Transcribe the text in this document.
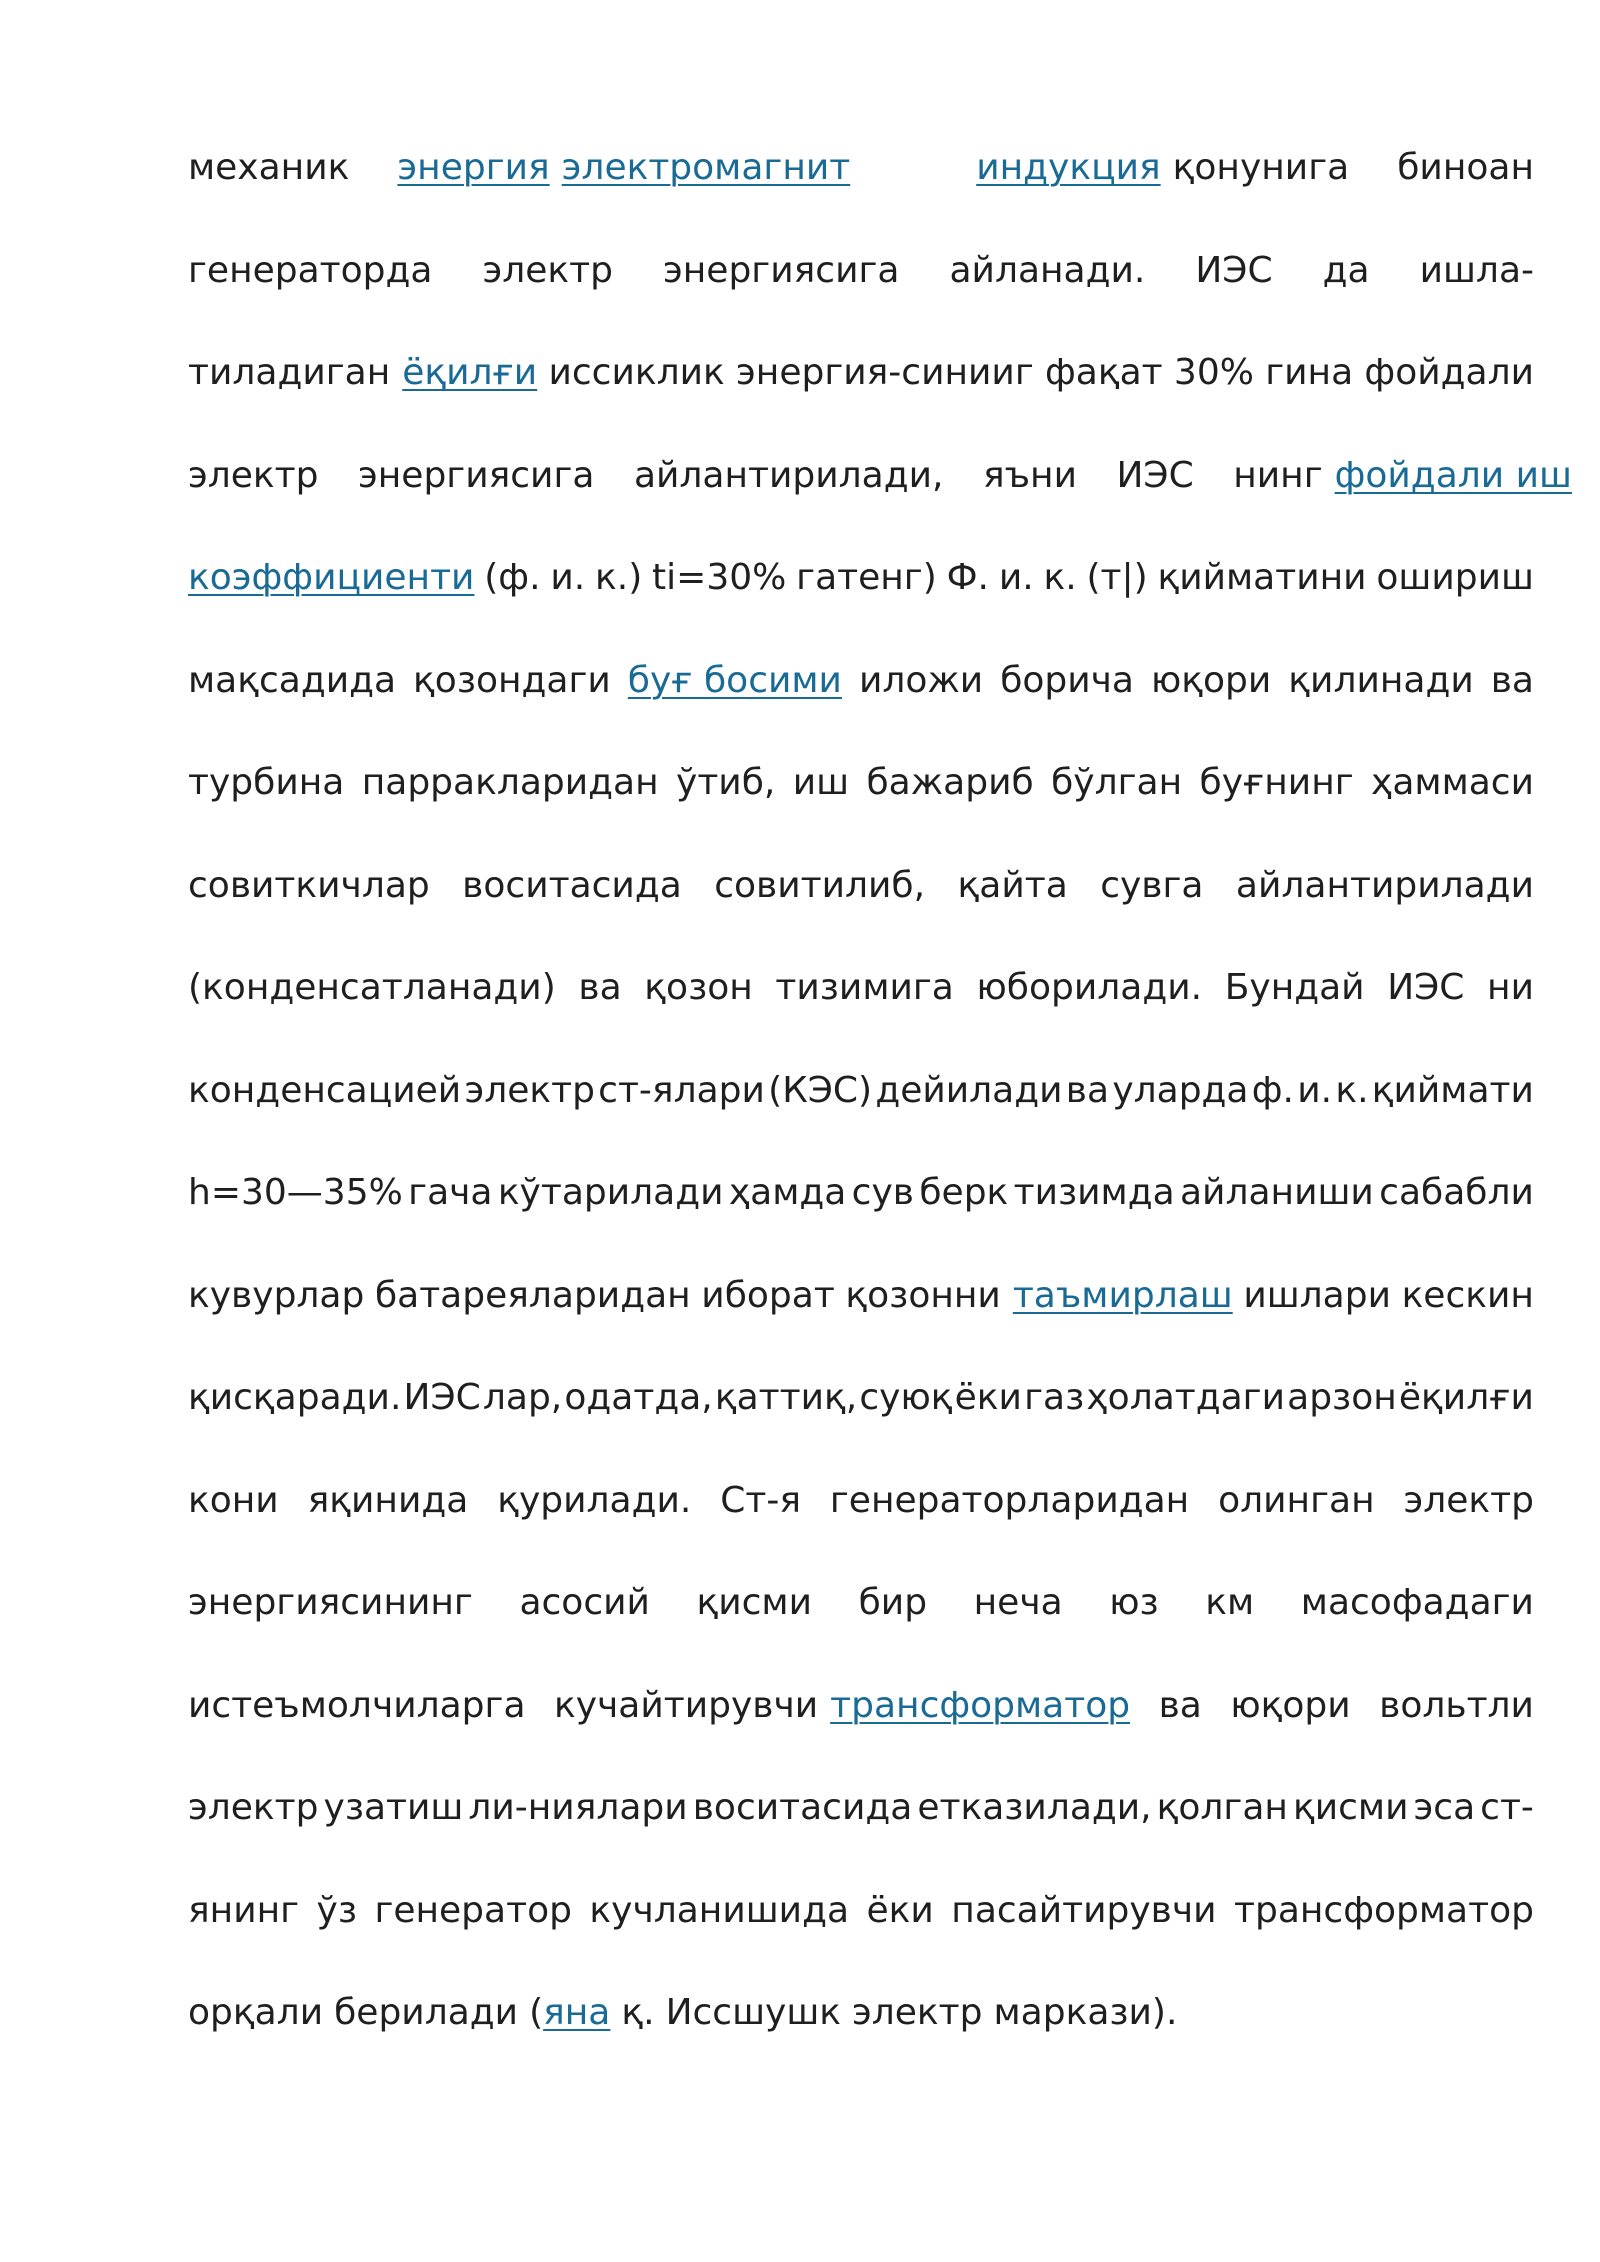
механик энергия электромагнит	индукция қонунига биноан
генераторда электр энергиясига айланади. ИЭС да ишла-
тиладиган ёқилғи иссиклик энергия-синииг фақат 30% гина фойдали
электр энергиясига айлантирилади, яъни ИЭС нинг фойдали иш
коэффициенти (ф. и. к.) ti=30% гатенг) Ф. и. к. (т|) қийматини ошириш
мақсадида қозондаги буғ босими иложи борича юқори қилинади ва
турбина парракларидан ўтиб, иш бажариб бўлган буғнинг ҳаммаси
совиткичлар воситасида совитилиб, қайта сувга айлантирилади
(конденсатланади) ва қозон тизимига юборилади. Бундай ИЭС ни
конденсацией электр ст-ялари (КЭС) дейилади ва уларда ф. и. к. қиймати
h=30—35% гача кўтарилади ҳамда сув берк тизимда айланиши сабабли
кувурлар батареяларидан иборат қозонни таъмирлаш ишлари кескин
қисқаради. ИЭС лар, одатда, қаттиқ, суюқ ёки газ ҳолатдаги арзон ёқилғи
кони яқинида қурилади. Ст-я генераторларидан олинган электр
энергиясининг асосий қисми бир неча юз км масофадаги
истеъмолчиларга кучайтирувчи трансформатор ва юқори вольтли
электр узатиш ли-ниялари воситасида етказилади, қолган қисми эса ст-
янинг ўз генератор кучланишида ёки пасайтирувчи трансформатор
орқали берилади ( яна қ. Иссшушк электр маркази).
